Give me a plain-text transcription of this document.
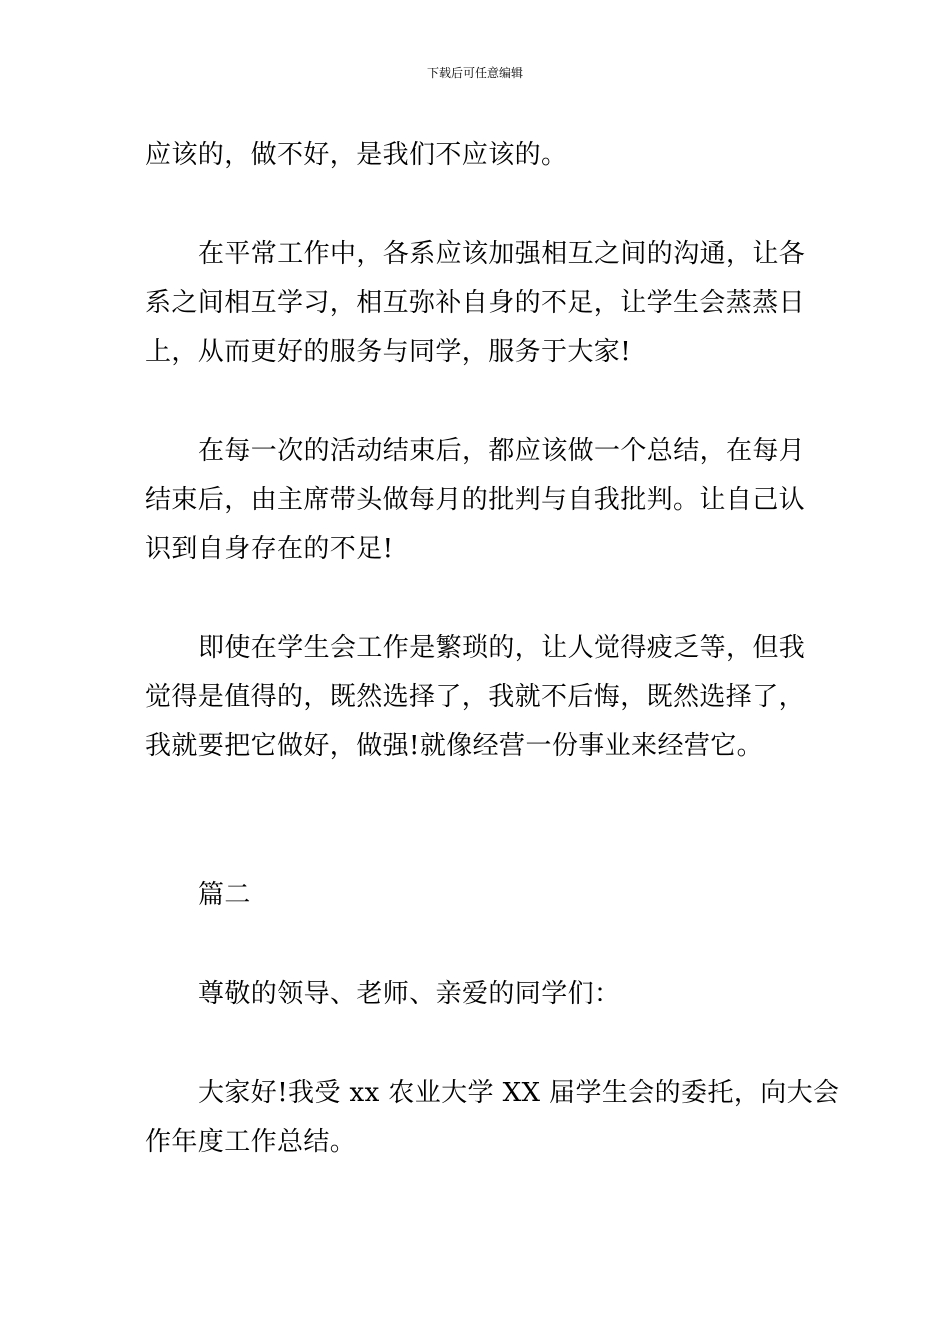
下载后可任意编辑

应该的，做不好，是我们不应该的。

在平常工作中，各系应该加强相互之间的沟通，让各
系之间相互学习，相互弥补自身的不足，让学生会蒸蒸日
上，从而更好的服务与同学，服务于大家!

在每一次的活动结束后，都应该做一个总结，在每月
结束后，由主席带头做每月的批判与自我批判。让自己认
识到自身存在的不足!

即使在学生会工作是繁琐的，让人觉得疲乏等，但我
觉得是值得的，既然选择了，我就不后悔，既然选择了，
我就要把它做好，做强!就像经营一份事业来经营它。

篇二

尊敬的领导、老师、亲爱的同学们：

大家好!我受 xx 农业大学 XX 届学生会的委托，向大会
作年度工作总结。
